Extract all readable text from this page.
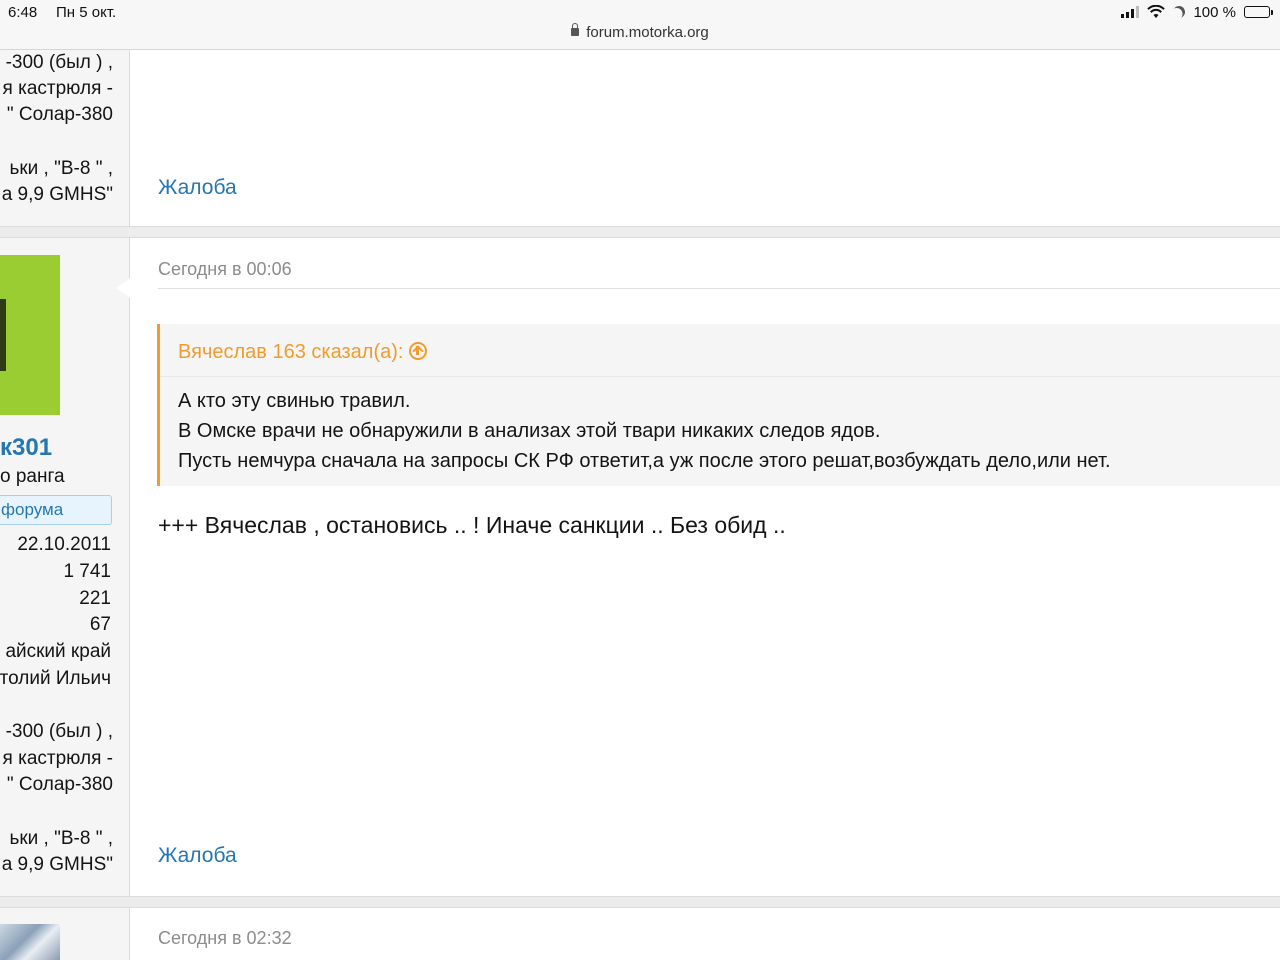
6:48 Пн 5 окт.
forum.motorka.org
100 %
-300 (был ) ,
я кастрюля -
" Солар-380
ьки , "В-8 " ,
а 9,9 GMHS" Жалоба
к301
о ранга
форума
22.10.2011
1 741
221
67
айский край
толий Ильич
-300 (был ) ,
я кастрюля -
" Солар-380
ьки , "В-8 " ,
а 9,9 GMHS"
Сегодня в 00:06
Вячеслав 163 сказал(а):
А кто эту свинью травил.
В Омске врачи не обнаружили в анализах этой твари никаких следов ядов.
Пусть немчура сначала на запросы СК РФ ответит,а уж после этого решат,возбуждать дело,или нет.
+++ Вячеслав , остановись .. ! Иначе санкции .. Без обид ..
Жалоба
Сегодня в 02:32
